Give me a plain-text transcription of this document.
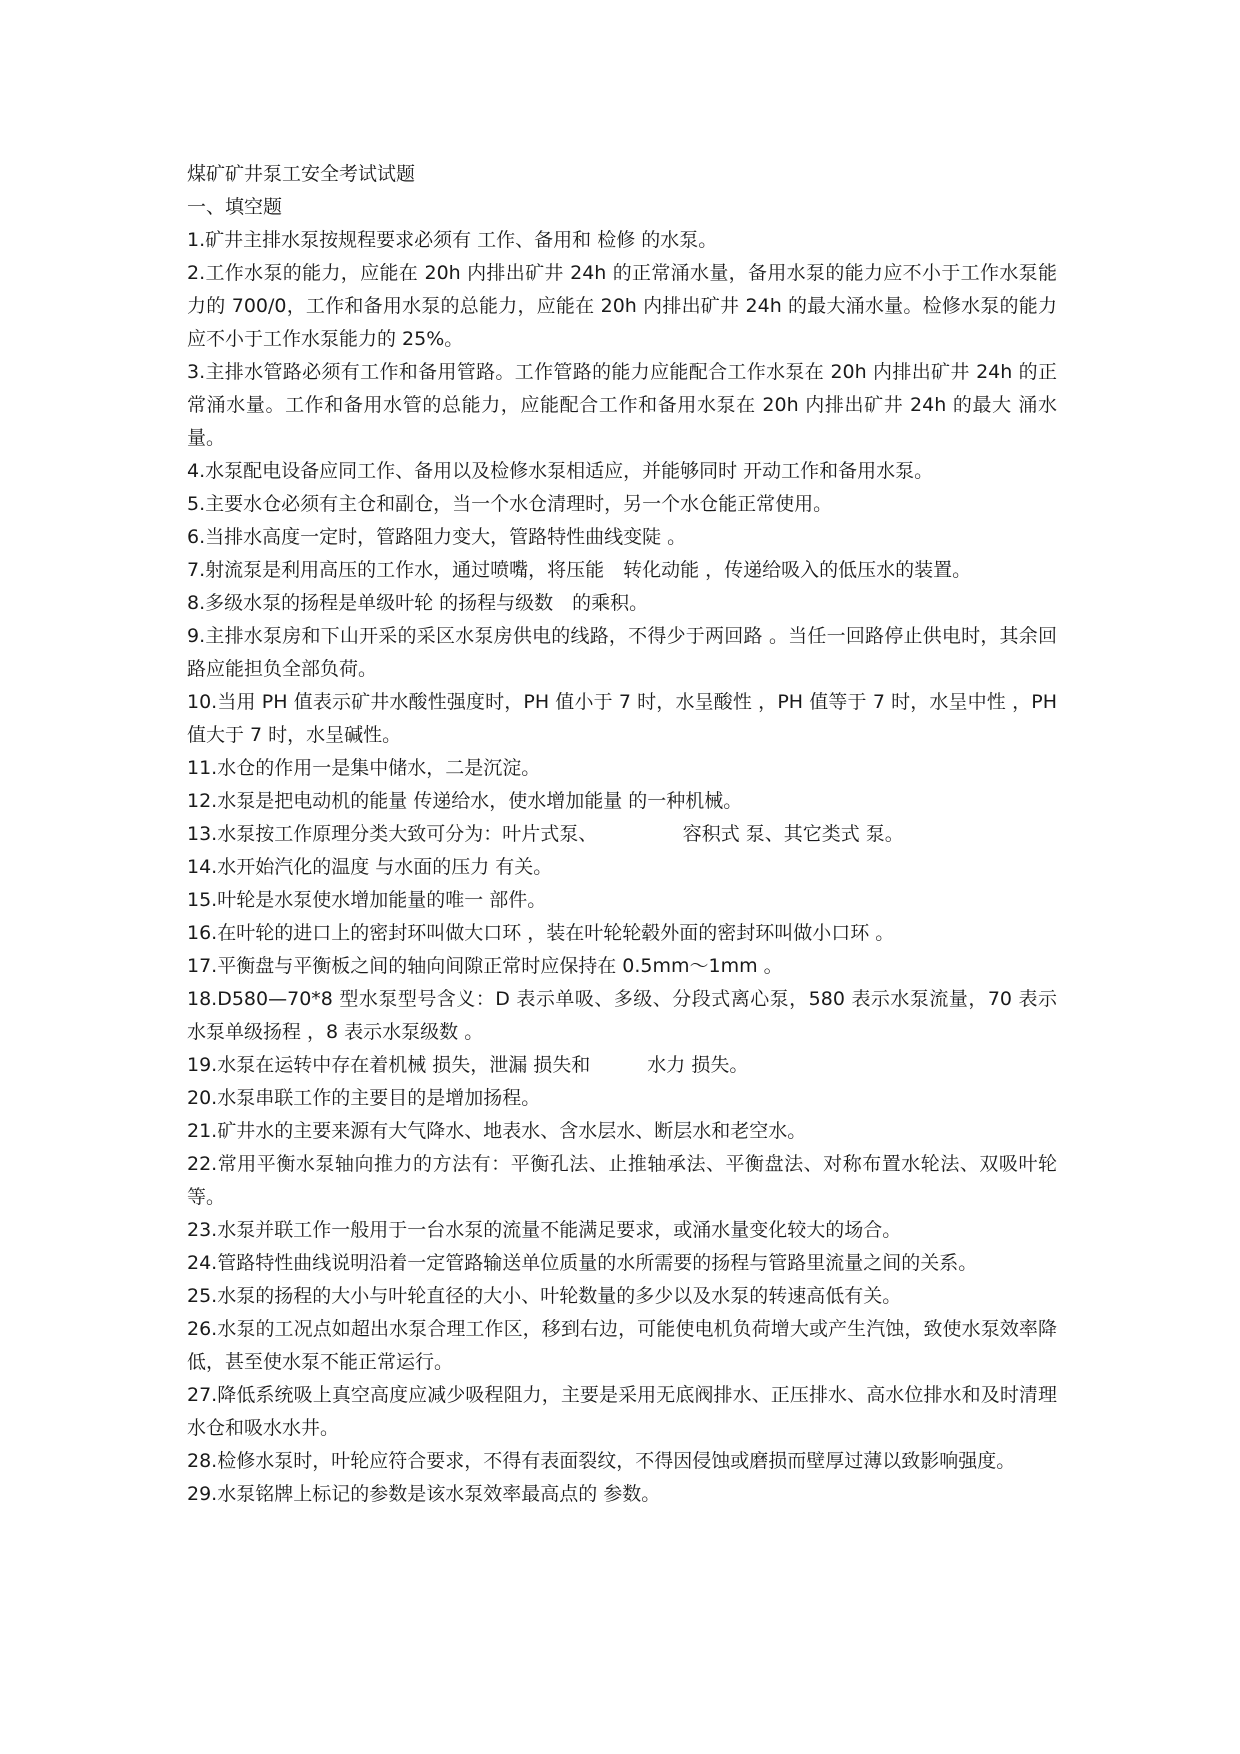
煤矿矿井泵工安全考试试题

一、填空题

1.矿井主排水泵按规程要求必须有 工作、备用和 检修 的水泵。

2.工作水泵的能力，应能在 20h 内排出矿井 24h 的正常涌水量，备用水泵的能力应不小于工作水泵能力的 700/0，工作和备用水泵的总能力，应能在 20h 内排出矿井 24h 的最大涌水量。检修水泵的能力应不小于工作水泵能力的 25%。

3.主排水管路必须有工作和备用管路。工作管路的能力应能配合工作水泵在 20h 内排出矿井 24h 的正常涌水量。工作和备用水管的总能力，应能配合工作和备用水泵在 20h 内排出矿井 24h 的最大 涌水量。

4.水泵配电设备应同工作、备用以及检修水泵相适应，并能够同时 开动工作和备用水泵。

5.主要水仓必须有主仓和副仓，当一个水仓清理时，另一个水仓能正常使用。

6.当排水高度一定时，管路阻力变大，管路特性曲线变陡 。

7.射流泵是利用高压的工作水，通过喷嘴，将压能　转化动能 ，传递给吸入的低压水的装置。

8.多级水泵的扬程是单级叶轮 的扬程与级数　的乘积。

9.主排水泵房和下山开采的采区水泵房供电的线路，不得少于两回路 。当任一回路停止供电时，其余回路应能担负全部负荷。

10.当用 PH 值表示矿井水酸性强度时，PH 值小于 7 时，水呈酸性 ，PH 值等于 7 时，水呈中性 ，PH 值大于 7 时，水呈碱性。

11.水仓的作用一是集中储水，二是沉淀。

12.水泵是把电动机的能量 传递给水，使水增加能量 的一种机械。

13.水泵按工作原理分类大致可分为：叶片式泵、　　　　　容积式 泵、其它类式 泵。

14.水开始汽化的温度 与水面的压力 有关。

15.叶轮是水泵使水增加能量的唯一 部件。

16.在叶轮的进口上的密封环叫做大口环 ，装在叶轮轮毂外面的密封环叫做小口环 。

17.平衡盘与平衡板之间的轴向间隙正常时应保持在 0.5mm～1mm 。

18.D580—70*8 型水泵型号含义：D 表示单吸、多级、分段式离心泵，580 表示水泵流量，70 表示水泵单级扬程 ，8 表示水泵级数 。

19.水泵在运转中存在着机械 损失，泄漏 损失和　　　水力 损失。

20.水泵串联工作的主要目的是增加扬程。

21.矿井水的主要来源有大气降水、地表水、含水层水、断层水和老空水。

22.常用平衡水泵轴向推力的方法有：平衡孔法、止推轴承法、平衡盘法、对称布置水轮法、双吸叶轮等。

23.水泵并联工作一般用于一台水泵的流量不能满足要求，或涌水量变化较大的场合。

24.管路特性曲线说明沿着一定管路输送单位质量的水所需要的扬程与管路里流量之间的关系。

25.水泵的扬程的大小与叶轮直径的大小、叶轮数量的多少以及水泵的转速高低有关。

26.水泵的工况点如超出水泵合理工作区，移到右边，可能使电机负荷增大或产生汽蚀，致使水泵效率降低，甚至使水泵不能正常运行。

27.降低系统吸上真空高度应减少吸程阻力，主要是采用无底阀排水、正压排水、高水位排水和及时清理水仓和吸水水井。

28.检修水泵时，叶轮应符合要求，不得有表面裂纹，不得因侵蚀或磨损而壁厚过薄以致影响强度。

29.水泵铭牌上标记的参数是该水泵效率最高点的 参数。
